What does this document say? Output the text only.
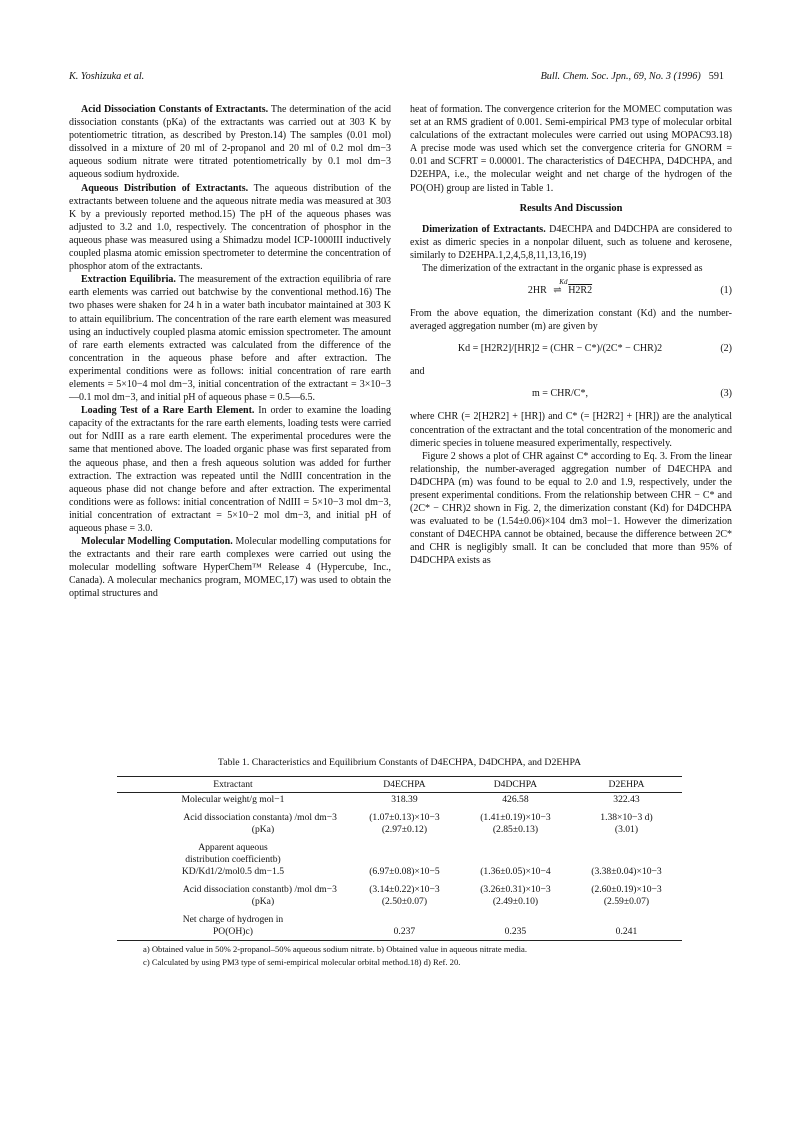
K. Yoshizuka et al.	Bull. Chem. Soc. Jpn., 69, No. 3 (1996) 591

Acid Dissociation Constants of Extractants. The determination of the acid dissociation constants (pKa) of the extractants was carried out at 303 K by potentiometric titration, as described by Preston.14) The samples (0.01 mol) dissolved in a mixture of 20 ml of 2-propanol and 20 ml of 0.2 mol dm−3 aqueous sodium nitrate were titrated potentiometrically by 0.1 mol dm−3 aqueous sodium hydroxide.

Aqueous Distribution of Extractants. The aqueous distribution of the extractants between toluene and the aqueous nitrate media was measured at 303 K by a previously reported method.15) The pH of the aqueous phases was adjusted to 3.2 and 1.0, respectively. The concentration of phosphor in the aqueous phase was measured using a Shimadzu model ICP-1000III inductively coupled plasma atomic emission spectrometer to determine the concentration of phosphor atom of the extractants.

Extraction Equilibria. The measurement of the extraction equilibria of rare earth elements was carried out batchwise by the conventional method.16) The two phases were shaken for 24 h in a water bath incubator maintained at 303 K to attain equilibrium. The concentration of the rare earth element was measured using an inductively coupled plasma atomic emission spectrometer. The amount of rare earth elements extracted was calculated from the difference of the concentration in the aqueous phase before and after extraction. The experimental conditions were as follows: initial concentration of rare earth elements = 5×10−4 mol dm−3, initial concentration of the extractant = 3×10−3—0.1 mol dm−3, and initial pH of aqueous phase = 0.5—6.5.

Loading Test of a Rare Earth Element. In order to examine the loading capacity of the extractants for the rare earth elements, loading tests were carried out for NdIII as a rare earth element. The experimental procedures were the same that mentioned above. The loaded organic phase was first separated from the aqueous phase, and then a fresh aqueous solution was added for further extraction. The extraction was repeated until the NdIII concentration in the aqueous phase did not change before and after extraction. The experimental conditions were as follows: initial concentration of NdIII = 5×10−3 mol dm−3, initial concentration of extractant = 5×10−2 mol dm−3, and initial pH of aqueous phase = 3.0.

Molecular Modelling Computation. Molecular modelling computations for the extractants and their rare earth complexes were carried out using the molecular modelling software HyperChem™ Release 4 (Hypercube, Inc., Canada). A molecular mechanics program, MOMEC,17) was used to obtain the optimal structures and

heat of formation. The convergence criterion for the MOMEC computation was set at an RMS gradient of 0.001. Semi-empirical PM3 type of molecular orbital calculations of the extractant molecules were carried out using MOPAC93.18) A precise mode was used which set the convergence criteria for GNORM = 0.01 and SCFRT = 0.00001. The characteristics of D4ECHPA, D4DCHPA, and D2EHPA, i.e., the molecular weight and net charge of the hydrogen of the PO(OH) group are listed in Table 1.

Results And Discussion

Dimerization of Extractants. D4ECHPA and D4DCHPA are considered to exist as dimeric species in a nonpolar diluent, such as toluene and kerosene, similarly to D2EHPA.1,2,4,5,8,11,13,16,19)

The dimerization of the extractant in the organic phase is expressed as

2HR ⇌
Kd
H2R2	(1)

From the above equation, the dimerization constant (Kd) and the number-averaged aggregation number (m) are given by

Kd = [H2R2]/[HR]2 = (CHR − C*)/(2C* − CHR)2	(2)

and

m = CHR/C*,	(3)

where CHR (= 2[H2R2] + [HR]) and C* (= [H2R2] + [HR]) are the analytical concentration of the extractant and the total concentration of the monomeric and dimeric species in toluene measured experimentally, respectively.

Figure 2 shows a plot of CHR against C* according to Eq. 3. From the linear relationship, the number-averaged aggregation number of D4ECHPA and D4DCHPA (m) was found to be equal to 2.0 and 1.9, respectively, under the present experimental conditions. From the relationship between CHR − C* and (2C* − CHR)2 shown in Fig. 2, the dimerization constant (Kd) for D4DCHPA was evaluated to be (1.54±0.06)×104 dm3 mol−1. However the dimerization constant of D4ECHPA cannot be obtained, because the difference between 2C* and CHR is negligibly small. It can be concluded that more than 95% of D4DCHPA exists as

Table 1. Characteristics and Equilibrium Constants of D4ECHPA, D4DCHPA, and D2EHPA
Extractant	D4ECHPA	D4DCHPA	D2EHPA
Molecular weight/g mol−1	318.39	426.58	322.43
Acid dissociation constanta) /mol dm−3	(1.07±0.13)×10−3	(1.41±0.19)×10−3	1.38×10−3 d)
(pKa)	(2.97±0.12)	(2.85±0.13)	(3.01)
Apparent aqueous			
distribution coefficientb)			
KD/Kd1/2/mol0.5 dm−1.5	(6.97±0.08)×10−5	(1.36±0.05)×10−4	(3.38±0.04)×10−3
Acid dissociation constantb) /mol dm−3	(3.14±0.22)×10−3	(3.26±0.31)×10−3	(2.60±0.19)×10−3
(pKa)	(2.50±0.07)	(2.49±0.10)	(2.59±0.07)
Net charge of hydrogen in			
PO(OH)c)	0.237	0.235	0.241
a) Obtained value in 50% 2-propanol–50% aqueous sodium nitrate. b) Obtained value in aqueous nitrate media.
c) Calculated by using PM3 type of semi-empirical molecular orbital method.18) d) Ref. 20.
